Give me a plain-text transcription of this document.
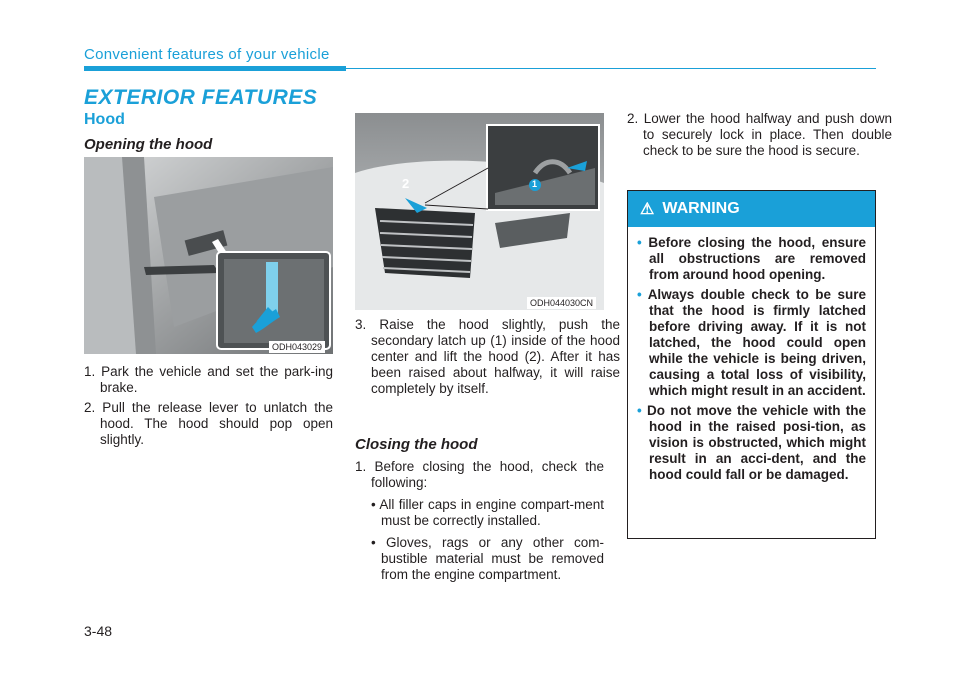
Convenient features of your vehicle
EXTERIOR FEATURES
Hood
Opening the hood
ODH043029
1. Park the vehicle and set the park-ing brake.
2. Pull the release lever to unlatch the hood. The hood should pop open slightly.
2	1
ODH044030CN
3. Raise the hood slightly, push the secondary latch up (1) inside of the hood center and lift the hood (2). After it has been raised about halfway, it will raise completely by itself.
Closing the hood
1. Before closing the hood, check the following:
• All filler caps in engine compart-ment must be correctly installed.
• Gloves, rags or any other com-bustible material must be removed from the engine compartment.
2. Lower the hood halfway and push down to securely lock in place. Then double check to be sure the hood is secure.
⚠ WARNING
• Before closing the hood, ensure all obstructions are removed from around hood opening.
• Always double check to be sure that the hood is firmly latched before driving away. If it is not latched, the hood could open while the vehicle is being driven, causing a total loss of visibility, which might result in an accident.
• Do not move the vehicle with the hood in the raised posi-tion, as vision is obstructed, which might result in an acci-dent, and the hood could fall or be damaged.
3-48
